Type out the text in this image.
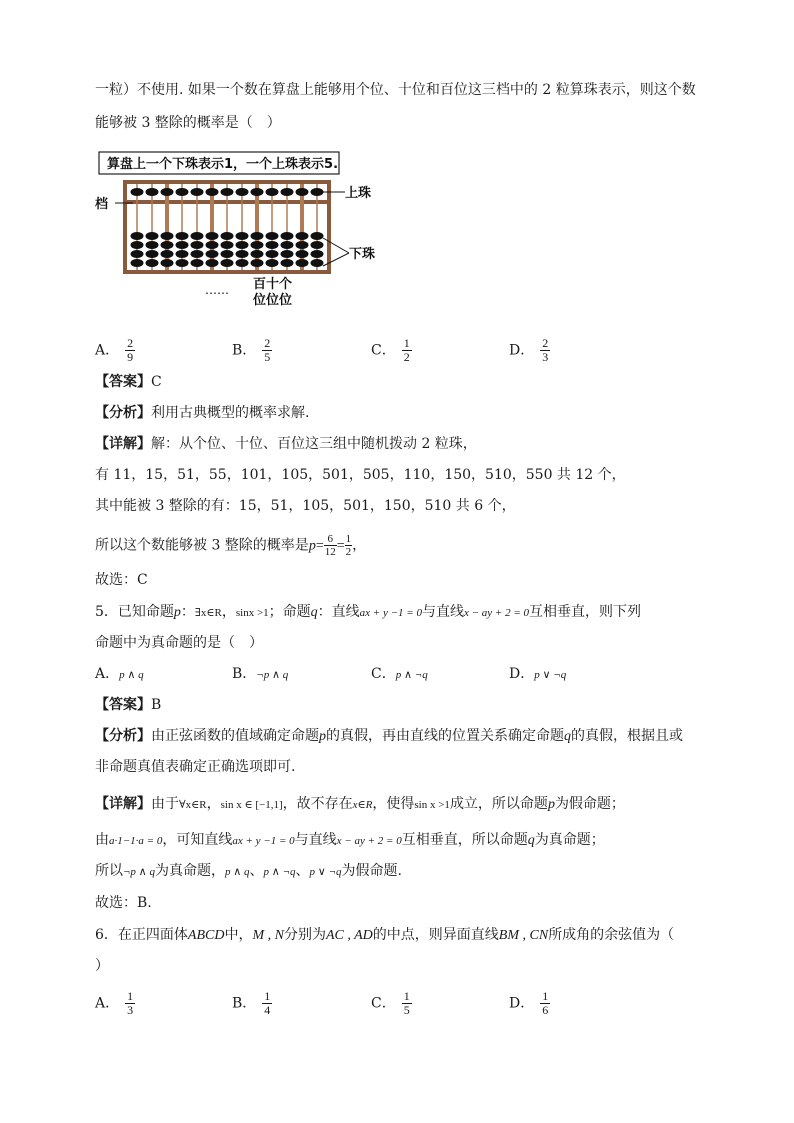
一粒）不使用. 如果一个数在算盘上能够用个位、十位和百位这三档中的 2 粒算珠表示，则这个数
能够被 3 整除的概率是（　）
算盘上一个下珠表示1，一个上珠表示5.
档
上珠
下珠
…… 百十个
位位位
A． $\frac{2}{9}$	B． $\frac{2}{5}$	C． $\frac{1}{2}$	D． $\frac{2}{3}$
【答案】C
【分析】利用古典概型的概率求解.
【详解】解：从个位、十位、百位这三组中随机拨动 2 粒珠，
有 11，15，51，55，101，105，501，505，110，150，510，550 共 12 个，
其中能被 3 整除的有：15，51，105，501，150，510 共 6 个，
所以这个数能够被 3 整除的概率是$p= \frac{6}{12} = \frac{1}{2}$ ，
故选：C
5．已知命题p：∃x∈R，sinx >1；命题q：直线ax + y −1 = 0与直线x − ay + 2 = 0互相垂直，则下列
命题中为真命题的是（　）
A．p ∧ q	B．¬p ∧ q	C．p ∧ ¬q	D．p ∨ ¬q
【答案】B
【分析】由正弦函数的值域确定命题p的真假，再由直线的位置关系确定命题q的真假，根据且或
非命题真值表确定正确选项即可.
【详解】由于∀x∈R，sin x ∈ [−1,1]，故不存在x∈R，使得sin x >1成立，所以命题p为假命题；
由a·1−1·a = 0，可知直线ax + y −1 = 0与直线x − ay + 2 = 0互相垂直，所以命题q为真命题；
所以¬p ∧ q为真命题，p ∧ q、p ∧ ¬q、p ∨ ¬q为假命题.
故选：B.
6．在正四面体ABCD中，M , N分别为AC , AD的中点，则异面直线BM , CN所成角的余弦值为（
）
A． $\frac{1}{3}$	B． $\frac{1}{4}$	C． $\frac{1}{5}$	D． $\frac{1}{6}$
